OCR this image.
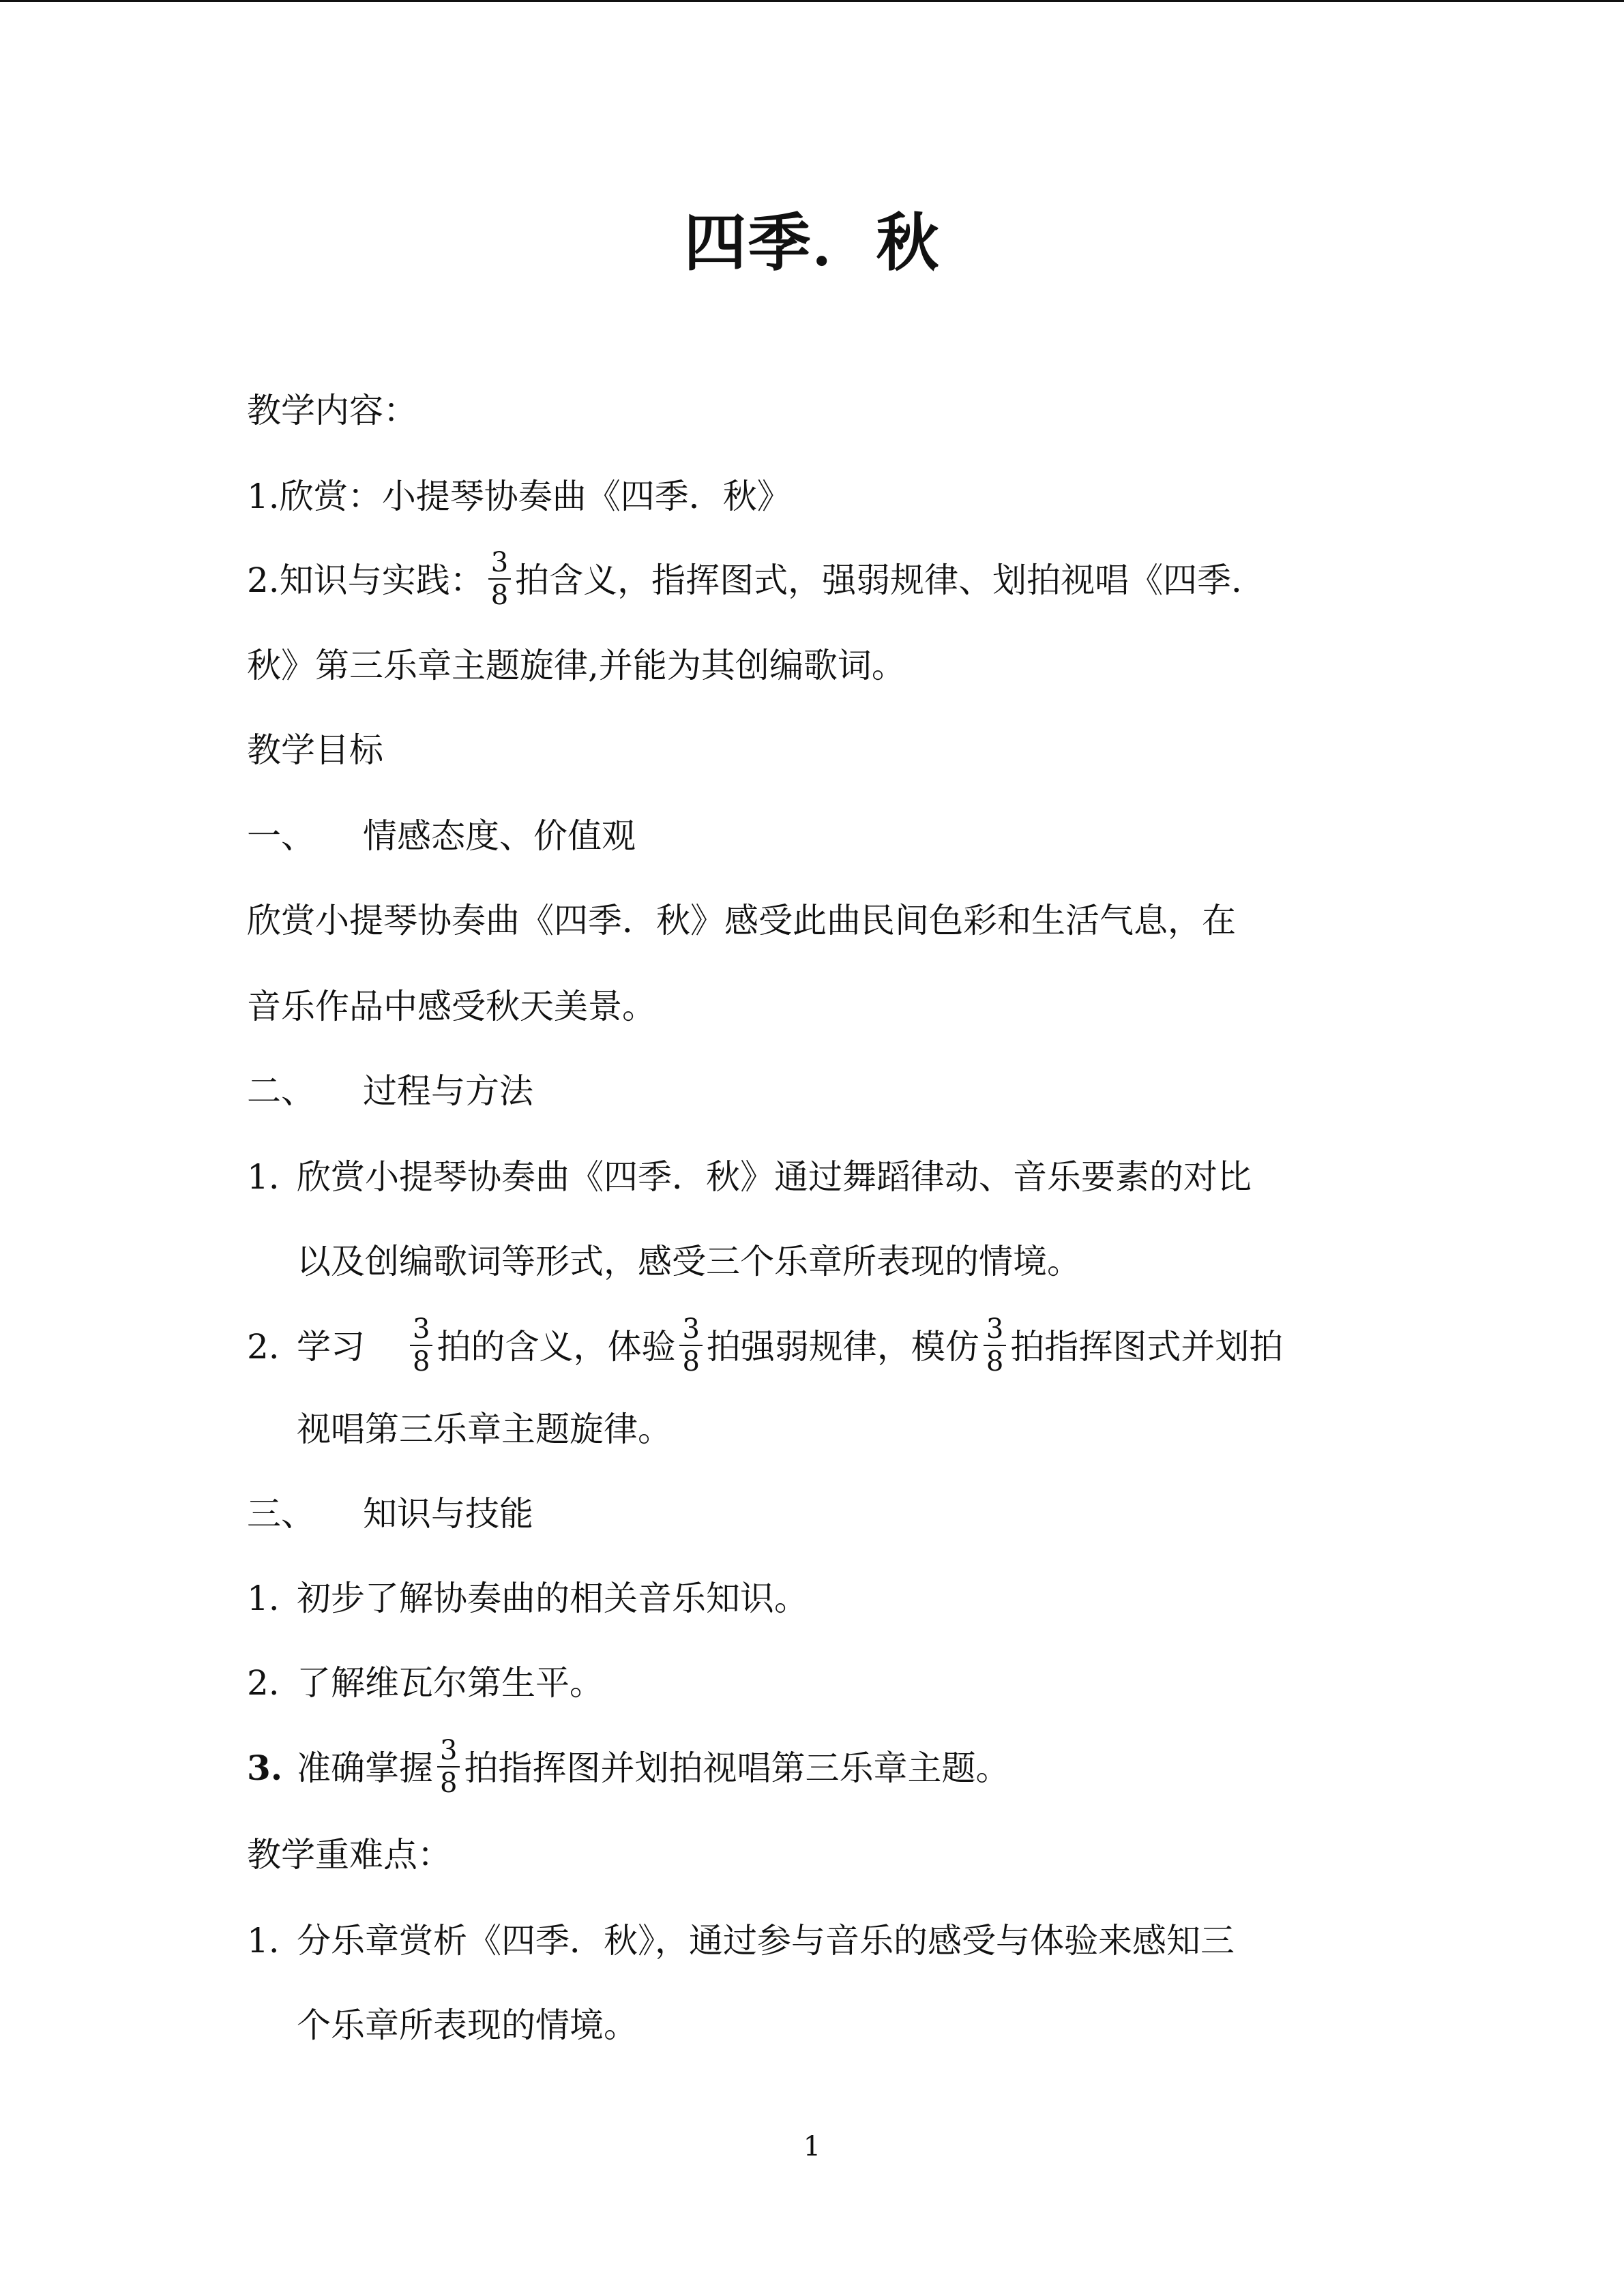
四季．秋
教学内容：
1.欣赏：小提琴协奏曲《四季．秋》
2.知识与实践： $\frac{3}{8}$ 拍含义，指挥图式，强弱规律、划拍视唱《四季．
秋》第三乐章主题旋律,并能为其创编歌词。
教学目标
一、 情感态度、价值观
欣赏小提琴协奏曲《四季．秋》感受此曲民间色彩和生活气息，在
音乐作品中感受秋天美景。
二、 过程与方法
1. 欣赏小提琴协奏曲《四季．秋》通过舞蹈律动、音乐要素的对比
以及创编歌词等形式，感受三个乐章所表现的情境。
2. 学习 $\frac{3}{8}$ 拍的含义，体验 $\frac{3}{8}$ 拍强弱规律，模仿 $\frac{3}{8}$ 拍指挥图式并划拍
视唱第三乐章主题旋律。
三、 知识与技能
1. 初步了解协奏曲的相关音乐知识。
2. 了解维瓦尔第生平。
3. 准确掌握 $\frac{3}{8}$ 拍指挥图并划拍视唱第三乐章主题。
教学重难点：
1. 分乐章赏析《四季．秋》，通过参与音乐的感受与体验来感知三
个乐章所表现的情境。
1
